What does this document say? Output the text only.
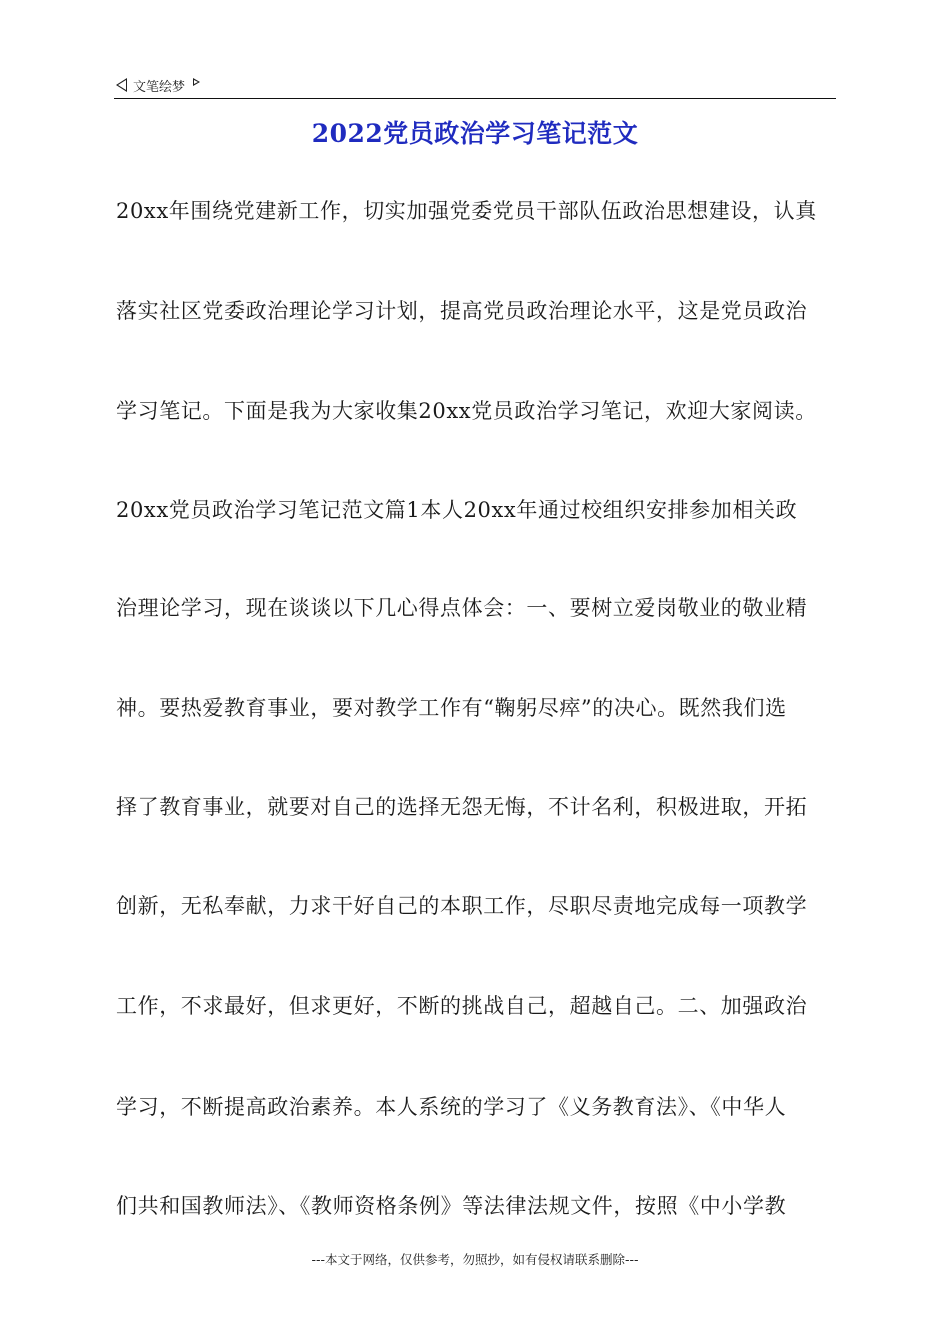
文笔绘梦
2022党员政治学习笔记范文
20xx年围绕党建新工作，切实加强党委党员干部队伍政治思想建设，认真
落实社区党委政治理论学习计划，提高党员政治理论水平，这是党员政治
学习笔记。下面是我为大家收集20xx党员政治学习笔记，欢迎大家阅读。
20xx党员政治学习笔记范文篇1本人20xx年通过校组织安排参加相关政
治理论学习，现在谈谈以下几心得点体会：一、要树立爱岗敬业的敬业精
神。要热爱教育事业，要对教学工作有“鞠躬尽瘁”的决心。既然我们选
择了教育事业，就要对自己的选择无怨无悔，不计名利，积极进取，开拓
创新，无私奉献，力求干好自己的本职工作，尽职尽责地完成每一项教学
工作，不求最好，但求更好，不断的挑战自己，超越自己。二、加强政治
学习，不断提高政治素养。本人系统的学习了《义务教育法》、《中华人
们共和国教师法》、《教师资格条例》等法律法规文件，按照《中小学教
---本文于网络，仅供参考，勿照抄，如有侵权请联系删除---
